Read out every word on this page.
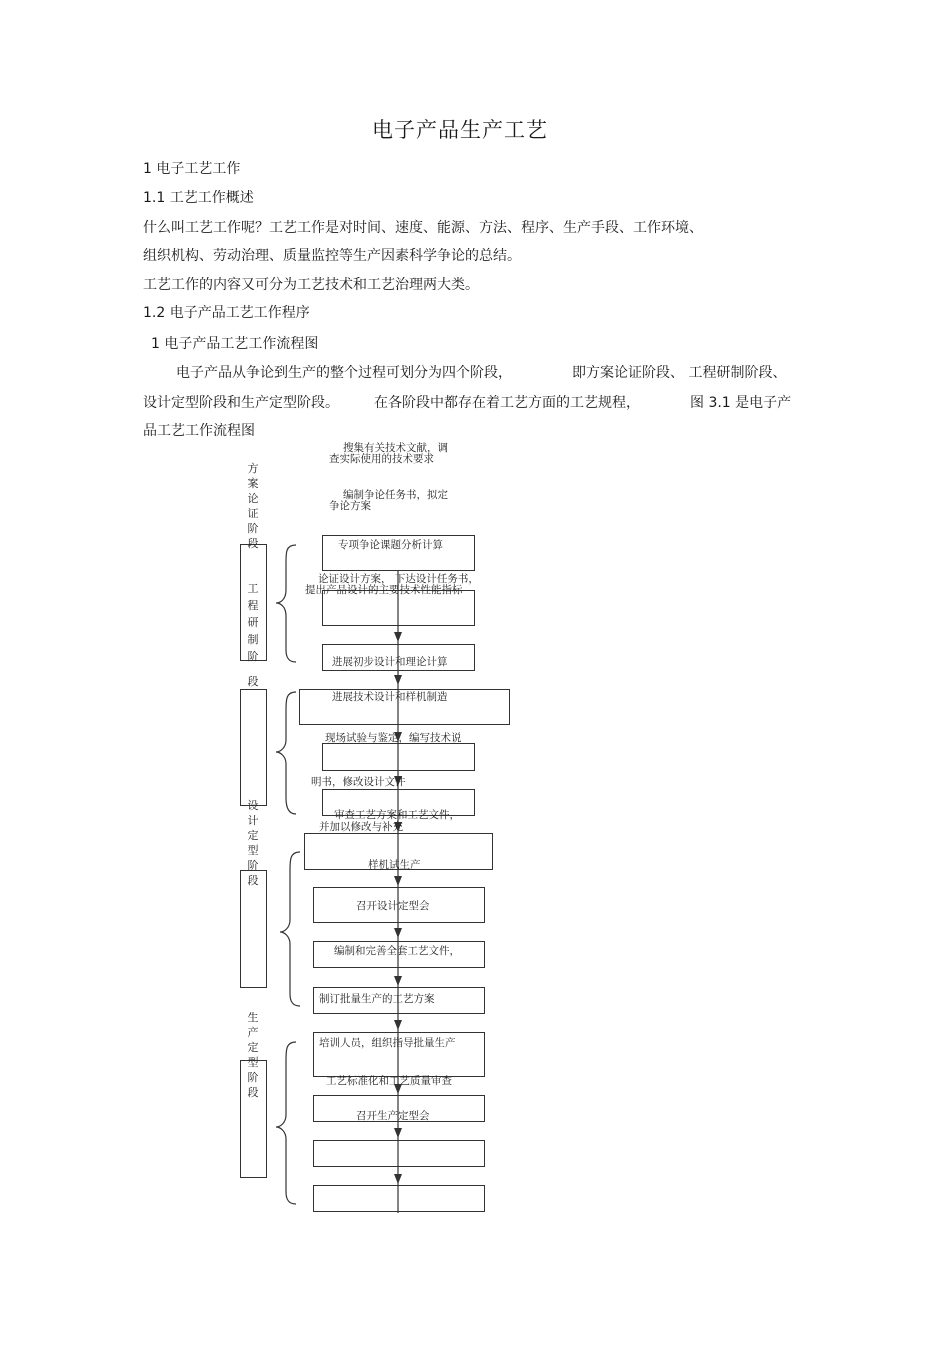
电子产品生产工艺
1 电子工艺工作
1.1 工艺工作概述
什么叫工艺工作呢？工艺工作是对时间、速度、能源、方法、程序、生产手段、工作环境、
组织机构、劳动治理、质量监控等生产因素科学争论的总结。
工艺工作的内容又可分为工艺技术和工艺治理两大类。
1.2 电子产品工艺工作程序
1 电子产品工艺工作流程图
电子产品从争论到生产的整个过程可划分为四个阶段，	即方案论证阶段、 工程研制阶段、
设计定型阶段和生产定型阶段。	在各阶段中都存在着工艺方面的工艺规程，	图 3.1 是电子产
品工艺工作流程图
方案论证阶段
工程研制阶
段
设计定型阶段
生产定型阶段
搜集有关技术文献，调
查实际使用的技术要求
编制争论任务书，拟定
争论方案
专项争论课题分析计算
论证设计方案， 下达设计任务书，
提出产品设计的主要技术性能指标
进展初步设计和理论计算
进展技术设计和样机制造
现场试验与鉴定，编写技术说
明书，修改设计文件
审查工艺方案和工艺文件，
并加以修改与补充
样机试生产
召开设计定型会
编制和完善全套工艺文件，
制订批量生产的工艺方案
培训人员，组织指导批量生产
工艺标准化和工艺质量审查
召开生产定型会
